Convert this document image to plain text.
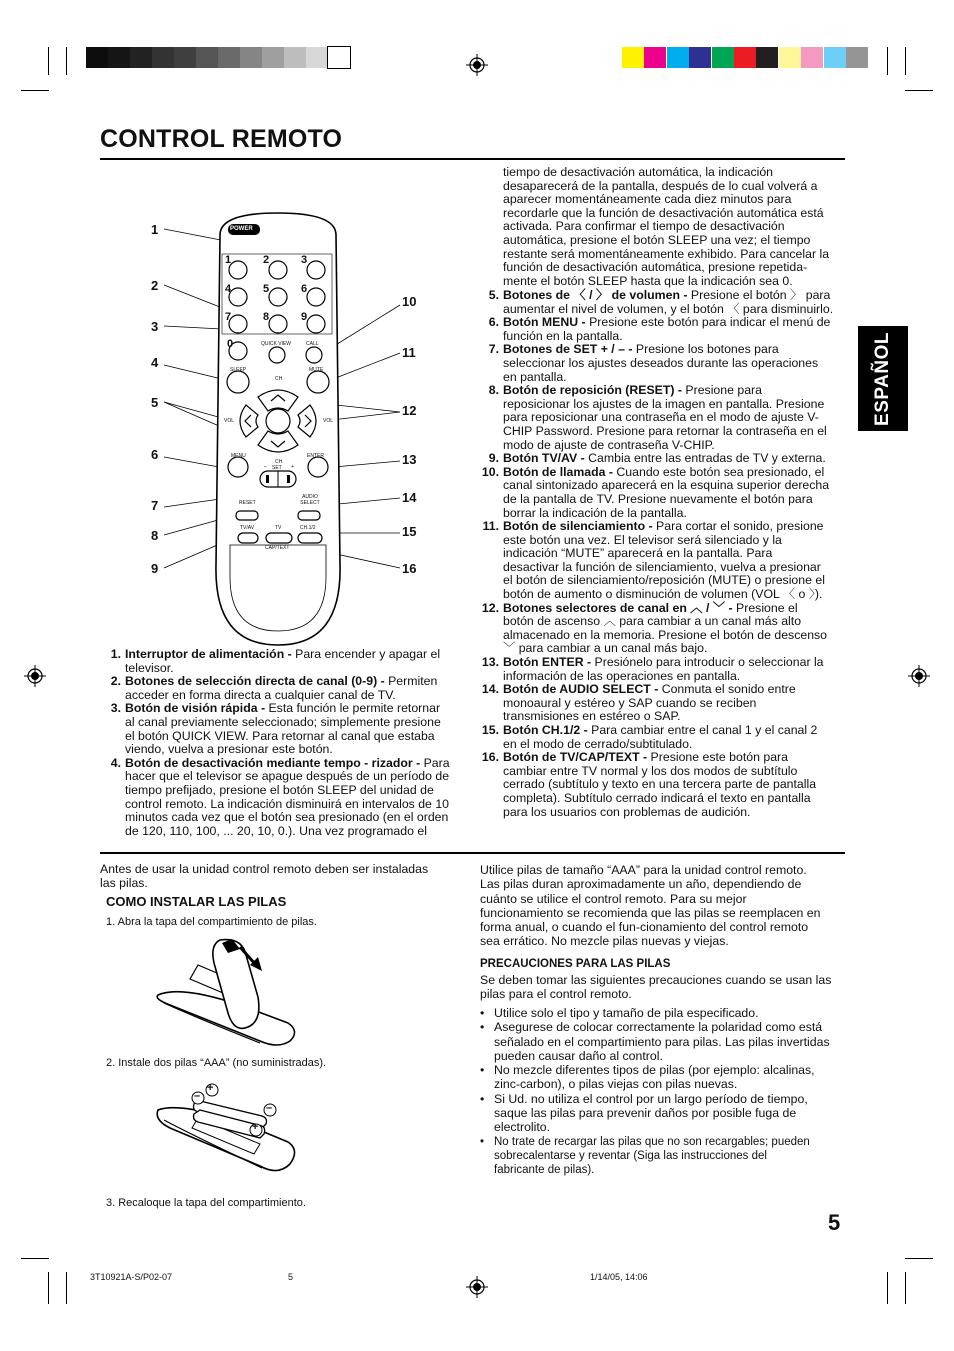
CONTROL REMOTO
ESPAÑOL
POWER
QUICK VIEW	CALL
SLEEP	MUTE
CH
VOL	VOL
CH
MENU	ENTER
– SET +
RESET
AUDIO SELECT
TV/AV	TV	CH.1/2
CAP/TEXT
1
2
3
4
5
6
7
8
9
10
11
12
13
14
15
16
1. Interruptor de alimentación - Para encender y apagar el
televisor.
2. Botones de selección directa de canal (0-9) - Permiten
acceder en forma directa a cualquier canal de TV.
3. Botón de visión rápida - Esta función le permite retornar
al canal previamente seleccionado; simplemente presione
el botón QUICK VIEW. Para retornar al canal que estaba
viendo, vuelva a presionar este botón.
4. Botón de desactivación mediante tempo - rizador - Para
hacer que el televisor se apague después de un período de
tiempo prefijado, presione el botón SLEEP del unidad de
control remoto. La indicación disminuirá en intervalos de 10
minutos cada vez que el botón sea presionado (en el orden
de 120, 110, 100, ... 20, 10, 0.). Una vez programado el
tiempo de desactivación automática, la indicación
desaparecerá de la pantalla, después de lo cual volverá a
aparecer momentáneamente cada diez minutos para
recordarle que la función de desactivación automática está
activada. Para confirmar el tiempo de desactivación
automática, presione el botón SLEEP una vez; el tiempo
restante será momentáneamente exhibido. Para cancelar la
función de desactivación automática, presione repetida-
mente el botón SLEEP hasta que la indicación sea 0.
5. Botones de 〈 / 〉 de volumen - Presione el botón 〉 para
aumentar el nivel de volumen, y el botón 〈 para disminuirlo.
6. Botón MENU - Presione este botón para indicar el menú de
función en la pantalla.
7. Botones de SET + / – - Presione los botones para
seleccionar los ajustes deseados durante las operaciones
en pantalla.
8. Botón de reposición (RESET) - Presione para
reposicionar los ajustes de la imagen en pantalla. Presione
para reposicionar una contraseña en el modo de ajuste V-
CHIP Password. Presione para retornar la contraseña en el
modo de ajuste de contraseña V-CHIP.
9. Botón TV/AV - Cambia entre las entradas de TV y externa.
10. Botón de llamada - Cuando este botón sea presionado, el
canal sintonizado aparecerá en la esquina superior derecha
de la pantalla de TV. Presione nuevamente el botón para
borrar la indicación de la pantalla.
11. Botón de silenciamiento - Para cortar el sonido, presione
este botón una vez. El televisor será silenciado y la
indicación “MUTE” aparecerá en la pantalla. Para
desactivar la función de silenciamiento, vuelva a presionar
el botón de silenciamiento/reposición (MUTE) o presione el
botón de aumento o disminución de volumen (VOL 〈 o 〉).
12. Botones selectores de canal en ︿ / ﹀ - Presione el
botón de ascenso ︿ para cambiar a un canal más alto
almacenado en la memoria. Presione el botón de descenso
﹀ para cambiar a un canal más bajo.
13. Botón ENTER - Presiónelo para introducir o seleccionar la
información de las operaciones en pantalla.
14. Botón de AUDIO SELECT - Conmuta el sonido entre
monoaural y estéreo y SAP cuando se reciben
transmisiones en estéreo o SAP.
15. Botón CH.1/2 - Para cambiar entre el canal 1 y el canal 2
en el modo de cerrado/subtitulado.
16. Botón de TV/CAP/TEXT - Presione este botón para
cambiar entre TV normal y los dos modos de subtítulo
cerrado (subtítulo y texto en una tercera parte de pantalla
completa). Subtítulo cerrado indicará el texto en pantalla
para los usuarios con problemas de audición.
Antes de usar la unidad control remoto deben ser instaladas
las pilas.
COMO INSTALAR LAS PILAS
1. Abra la tapa del compartimiento de pilas.
2. Instale dos pilas “AAA” (no suministradas).
+
–
–
+
3. Recaloque la tapa del compartimiento.
Utilice pilas de tamaño “AAA” para la unidad control remoto.
Las pilas duran aproximadamente un año, dependiendo de
cuánto se utilice el control remoto. Para su mejor
funcionamiento se recomienda que las pilas se reemplacen en
forma anual, o cuando el fun-cionamiento del control remoto
sea errático. No mezcle pilas nuevas y viejas.
PRECAUCIONES PARA LAS PILAS
Se deben tomar las siguientes precauciones cuando se usan las
pilas para el control remoto.
• Utilice solo el tipo y tamaño de pila especificado.
• Asegurese de colocar correctamente la polaridad como está
señalado en el compartimiento para pilas. Las pilas invertidas
pueden causar daño al control.
• No mezcle diferentes tipos de pilas (por ejemplo: alcalinas,
zinc-carbon), o pilas viejas con pilas nuevas.
• Si Ud. no utiliza el control por un largo período de tiempo,
saque las pilas para prevenir daños por posible fuga de
electrolito.
• No trate de recargar las pilas que no son recargables; pueden
sobrecalentarse y reventar (Siga las instrucciones del
fabricante de pilas).
5
3T10921A-S/P02-07	5	1/14/05, 14:06
1	2	3
4	5	6
7	8	9
0
